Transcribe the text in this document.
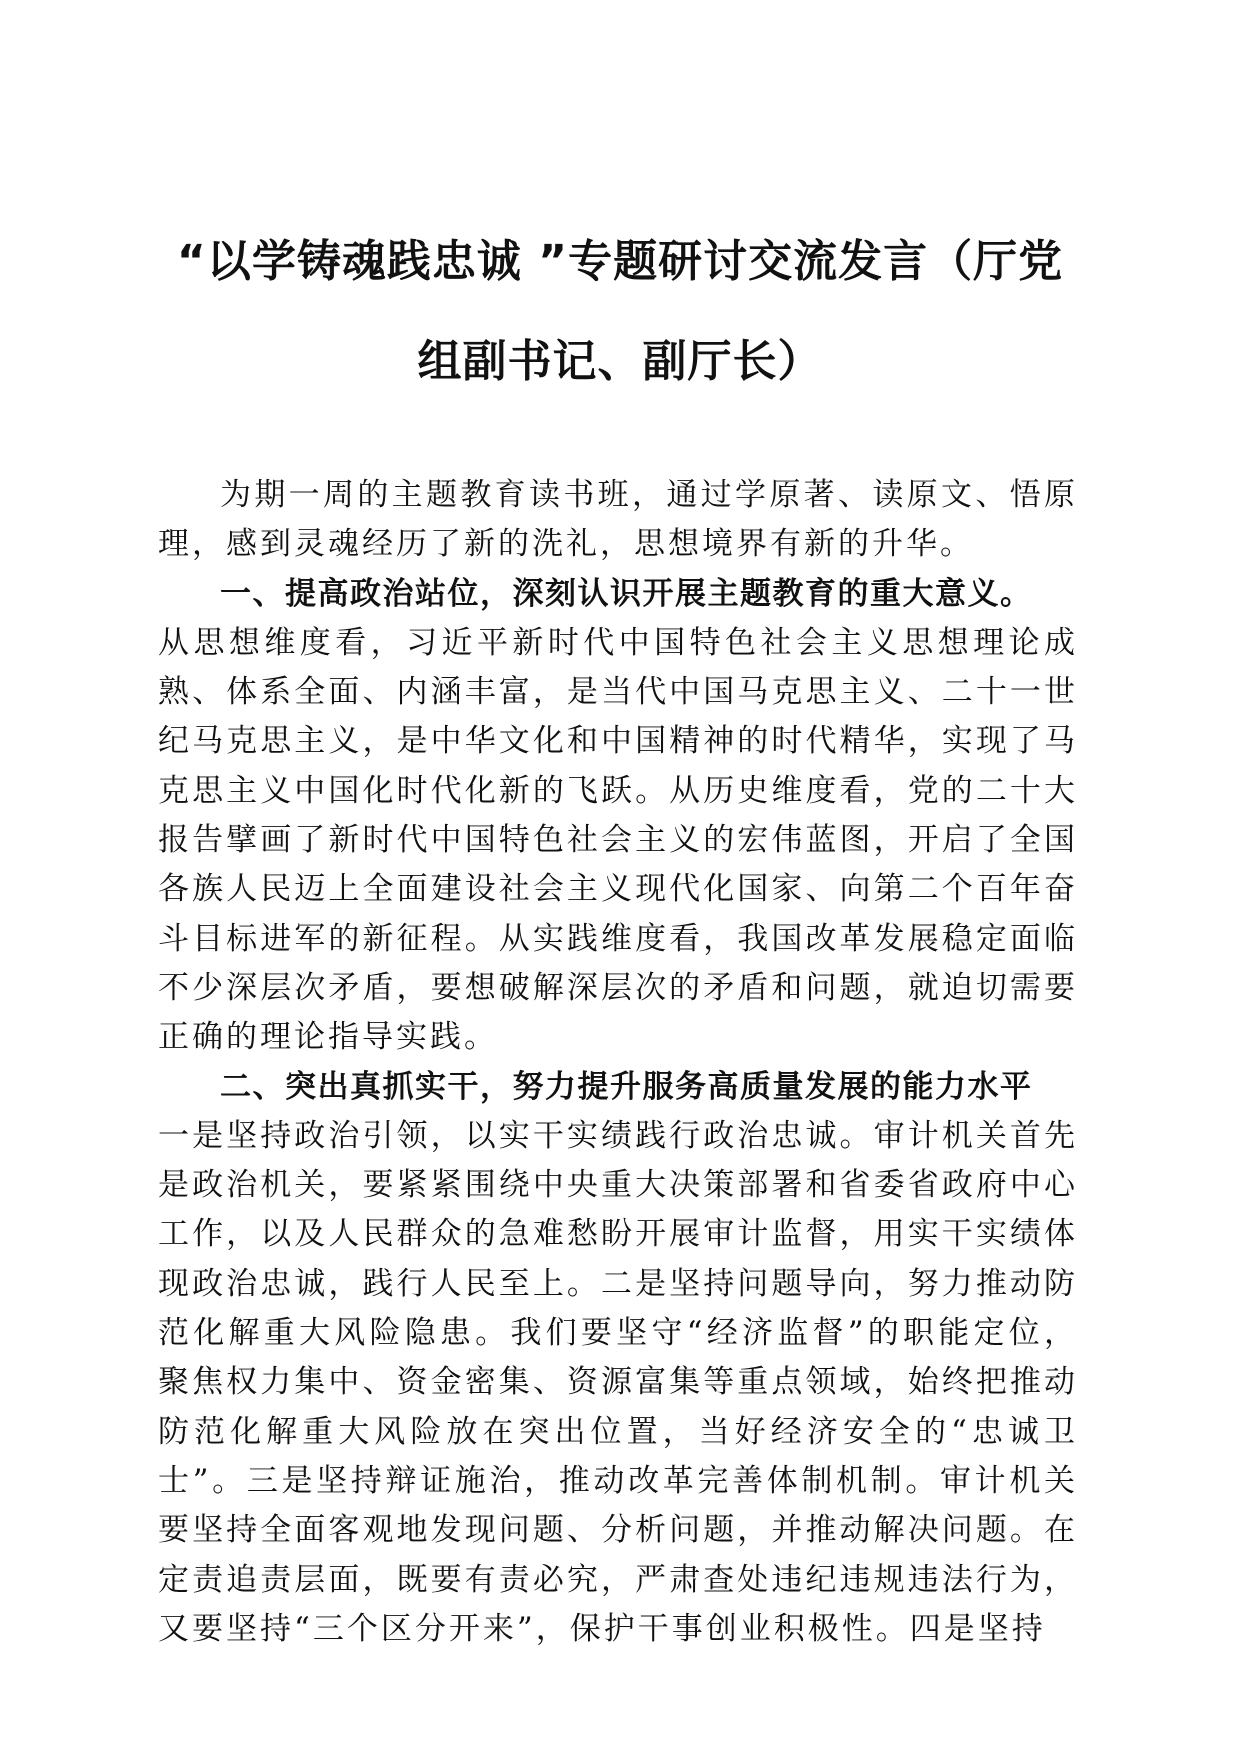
“以学铸魂践忠诚 ”专题研讨交流发言（厅党
组副书记、副厅长）

为期一周的主题教育读书班，通过学原著、读原文、悟原理，感到灵魂经历了新的洗礼，思想境界有新的升华。

一、提高政治站位，深刻认识开展主题教育的重大意义。
从思想维度看，习近平新时代中国特色社会主义思想理论成熟、体系全面、内涵丰富，是当代中国马克思主义、二十一世纪马克思主义，是中华文化和中国精神的时代精华，实现了马克思主义中国化时代化新的飞跃。从历史维度看，党的二十大报告擘画了新时代中国特色社会主义的宏伟蓝图，开启了全国各族人民迈上全面建设社会主义现代化国家、向第二个百年奋斗目标进军的新征程。从实践维度看，我国改革发展稳定面临不少深层次矛盾，要想破解深层次的矛盾和问题，就迫切需要正确的理论指导实践。

二、突出真抓实干，努力提升服务高质量发展的能力水平
一是坚持政治引领，以实干实绩践行政治忠诚。审计机关首先是政治机关，要紧紧围绕中央重大决策部署和省委省政府中心工作，以及人民群众的急难愁盼开展审计监督，用实干实绩体现政治忠诚，践行人民至上。二是坚持问题导向，努力推动防范化解重大风险隐患。我们要坚守“经济监督”的职能定位，聚焦权力集中、资金密集、资源富集等重点领域，始终把推动防范化解重大风险放在突出位置，当好经济安全的“忠诚卫士”。三是坚持辩证施治，推动改革完善体制机制。审计机关要坚持全面客观地发现问题、分析问题，并推动解决问题。在定责追责层面，既要有责必究，严肃查处违纪违规违法行为，又要坚持“三个区分开来”，保护干事创业积极性。四是坚持
